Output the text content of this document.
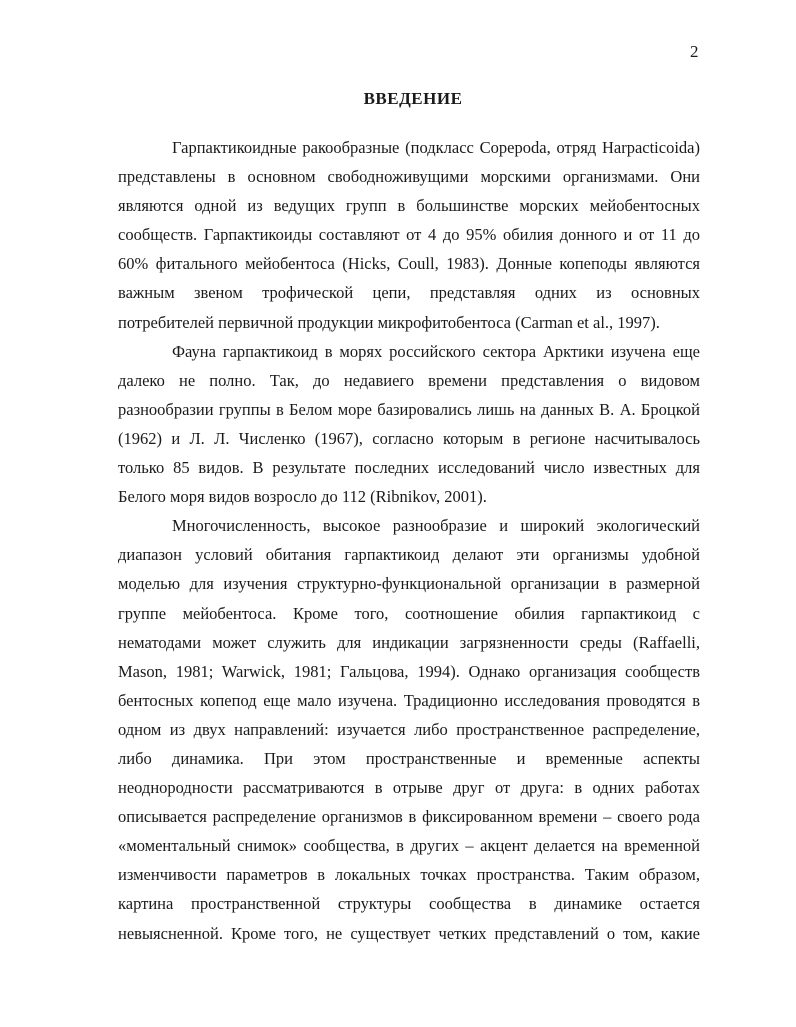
2
ВВЕДЕНИЕ
Гарпактикоидные ракообразные (подкласс Copepoda, отряд Harpacticoida)
представлены в основном свободноживущими морскими организмами. Они
являются одной из ведущих групп в большинстве морских мейобентосных
сообществ. Гарпактикоиды составляют от 4 до 95% обилия донного и от 11 до
60% фитального мейобентоса (Hicks, Coull, 1983). Донные копеподы являются
важным звеном трофической цепи, представляя одних из основных
потребителей первичной продукции микрофитобентоса (Carman et al., 1997).
Фауна гарпактикоид в морях российского сектора Арктики изучена еще
далеко не полно. Так, до недавиего времени представления о видовом
разнообразии группы в Белом море базировались лишь на данных В. А. Броцкой
(1962) и Л. Л. Численко (1967), согласно которым в регионе насчитывалось
только 85 видов. В результате последних исследований число известных для
Белого моря видов возросло до 112 (Ribnikov, 2001).
Многочисленность, высокое разнообразие и широкий экологический
диапазон условий обитания гарпактикоид делают эти организмы удобной
моделью для изучения структурно-функциональной организации в размерной
группе мейобентоса. Кроме того, соотношение обилия гарпактикоид с
нематодами может служить для индикации загрязненности среды (Raffaelli,
Mason, 1981; Warwick, 1981; Гальцова, 1994). Однако организация сообществ
бентосных копепод еще мало изучена. Традиционно исследования проводятся в
одном из двух направлений: изучается либо пространственное распределение,
либо динамика. При этом пространственные и временные аспекты
неоднородности рассматриваются в отрыве друг от друга: в одних работах
описывается распределение организмов в фиксированном времени – своего рода
«моментальный снимок» сообщества, в других – акцент делается на временной
изменчивости параметров в локальных точках пространства. Таким образом,
картина пространственной структуры сообщества в динамике остается
невыясненной. Кроме того, не существует четких представлений о том, какие
